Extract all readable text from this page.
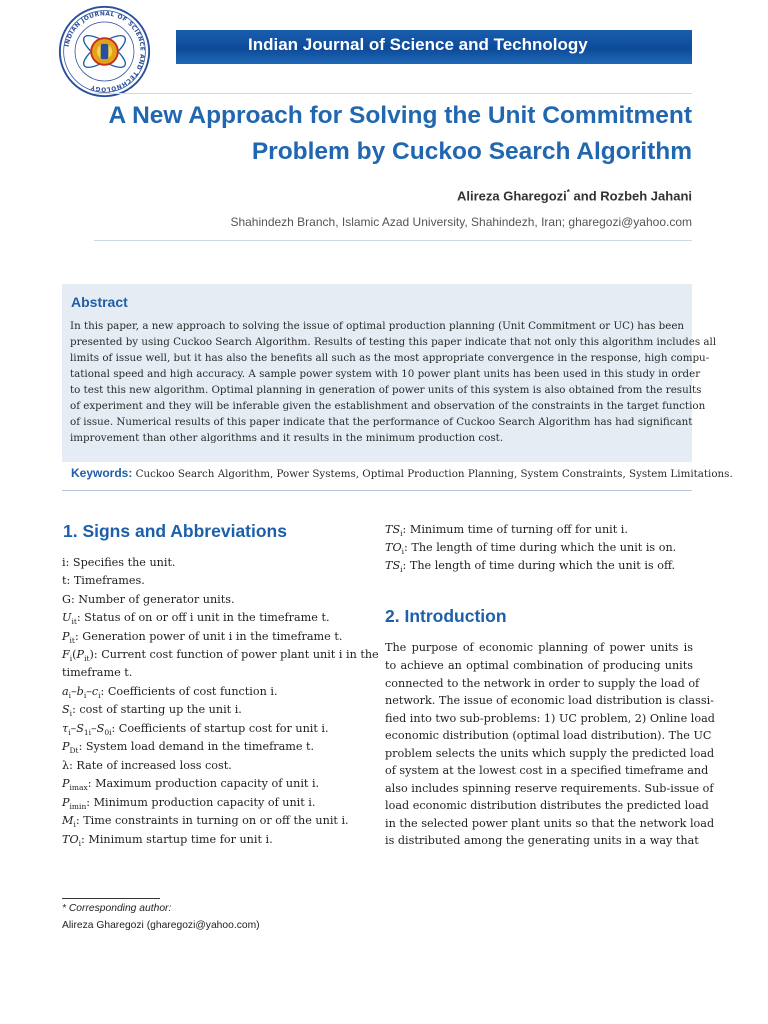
INDIAN JOURNAL OF SCIENCE AND TECHNOLOGY
Indian Journal of Science and Technology
A New Approach for Solving the Unit Commitment
Problem by Cuckoo Search Algorithm
Alireza Gharegozi* and Rozbeh Jahani
Shahindezh Branch, Islamic Azad University, Shahindezh, Iran; gharegozi@yahoo.com
Abstract
In this paper, a new approach to solving the issue of optimal production planning (Unit Commitment or UC) has been
presented by using Cuckoo Search Algorithm. Results of testing this paper indicate that not only this algorithm includes all
limits of issue well, but it has also the benefits all such as the most appropriate convergence in the response, high compu-
tational speed and high accuracy. A sample power system with 10 power plant units has been used in this study in order
to test this new algorithm. Optimal planning in generation of power units of this system is also obtained from the results
of experiment and they will be inferable given the establishment and observation of the constraints in the target function
of issue. Numerical results of this paper indicate that the performance of Cuckoo Search Algorithm has had significant
improvement than other algorithms and it results in the minimum production cost.
Keywords: Cuckoo Search Algorithm, Power Systems, Optimal Production Planning, System Constraints, System Limitations.
1. Signs and Abbreviations
i: Specifies the unit.
t: Timeframes.
G: Number of generator units.
$U_{it}$: Status of on or off i unit in the timeframe t.
$P_{it}$: Generation power of unit i in the timeframe t.
$F_i(P_{it})$: Current cost function of power plant unit i in the
timeframe t.
$a_i-b_i-c_i$: Coefficients of cost function i.
$S_i$: cost of starting up the unit i.
$\tau_i-S_{1i}-S_{0i}$: Coefficients of startup cost for unit i.
$P_{Dt}$: System load demand in the timeframe t.
λ: Rate of increased loss cost.
$P_{imax}$: Maximum production capacity of unit i.
$P_{imin}$: Minimum production capacity of unit i.
$M_i$: Time constraints in turning on or off the unit i.
$TO_i$: Minimum startup time for unit i.
$TS_i$: Minimum time of turning off for unit i.
$TO_i$: The length of time during which the unit is on.
$TS_i$: The length of time during which the unit is off.
2. Introduction
The purpose of economic planning of power units is
to achieve an optimal combination of producing units
connected to the network in order to supply the load of
network. The issue of economic load distribution is classi-
fied into two sub-problems: 1) UC problem, 2) Online load
economic distribution (optimal load distribution). The UC
problem selects the units which supply the predicted load
of system at the lowest cost in a specified timeframe and
also includes spinning reserve requirements. Sub-issue of
load economic distribution distributes the predicted load
in the selected power plant units so that the network load
is distributed among the generating units in a way that
* Corresponding author:
Alireza Gharegozi (gharegozi@yahoo.com)
